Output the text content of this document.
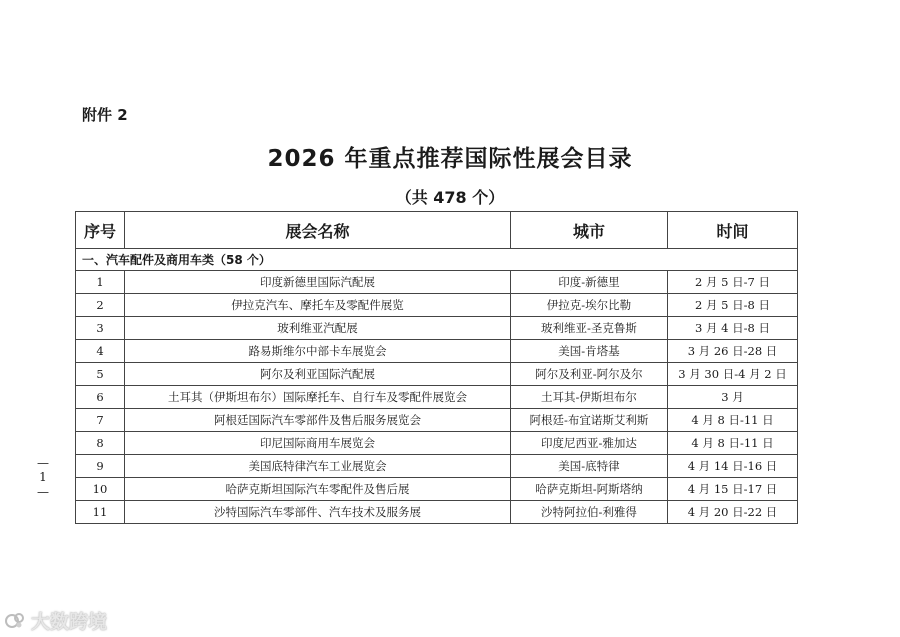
附件 2
2026 年重点推荐国际性展会目录
（共 478 个）
序号	展会名称	城市	时间
一、汽车配件及商用车类（58 个）			
1	印度新德里国际汽配展	印度-新德里	2 月 5 日-7 日
2	伊拉克汽车、摩托车及零配件展览	伊拉克-埃尔比勒	2 月 5 日-8 日
3	玻利维亚汽配展	玻利维亚-圣克鲁斯	3 月 4 日-8 日
4	路易斯维尔中部卡车展览会	美国-肯塔基	3 月 26 日-28 日
5	阿尔及利亚国际汽配展	阿尔及利亚-阿尔及尔	3 月 30 日-4 月 2 日
6	土耳其（伊斯坦布尔）国际摩托车、自行车及零配件展览会	土耳其-伊斯坦布尔	3 月
7	阿根廷国际汽车零部件及售后服务展览会	阿根廷-布宜诺斯艾利斯	4 月 8 日-11 日
8	印尼国际商用车展览会	印度尼西亚-雅加达	4 月 8 日-11 日
9	美国底特律汽车工业展览会	美国-底特律	4 月 14 日-16 日
10	哈萨克斯坦国际汽车零配件及售后展	哈萨克斯坦-阿斯塔纳	4 月 15 日-17 日
11	沙特国际汽车零部件、汽车技术及服务展	沙特阿拉伯-利雅得	4 月 20 日-22 日
—
1
—
大数跨境
